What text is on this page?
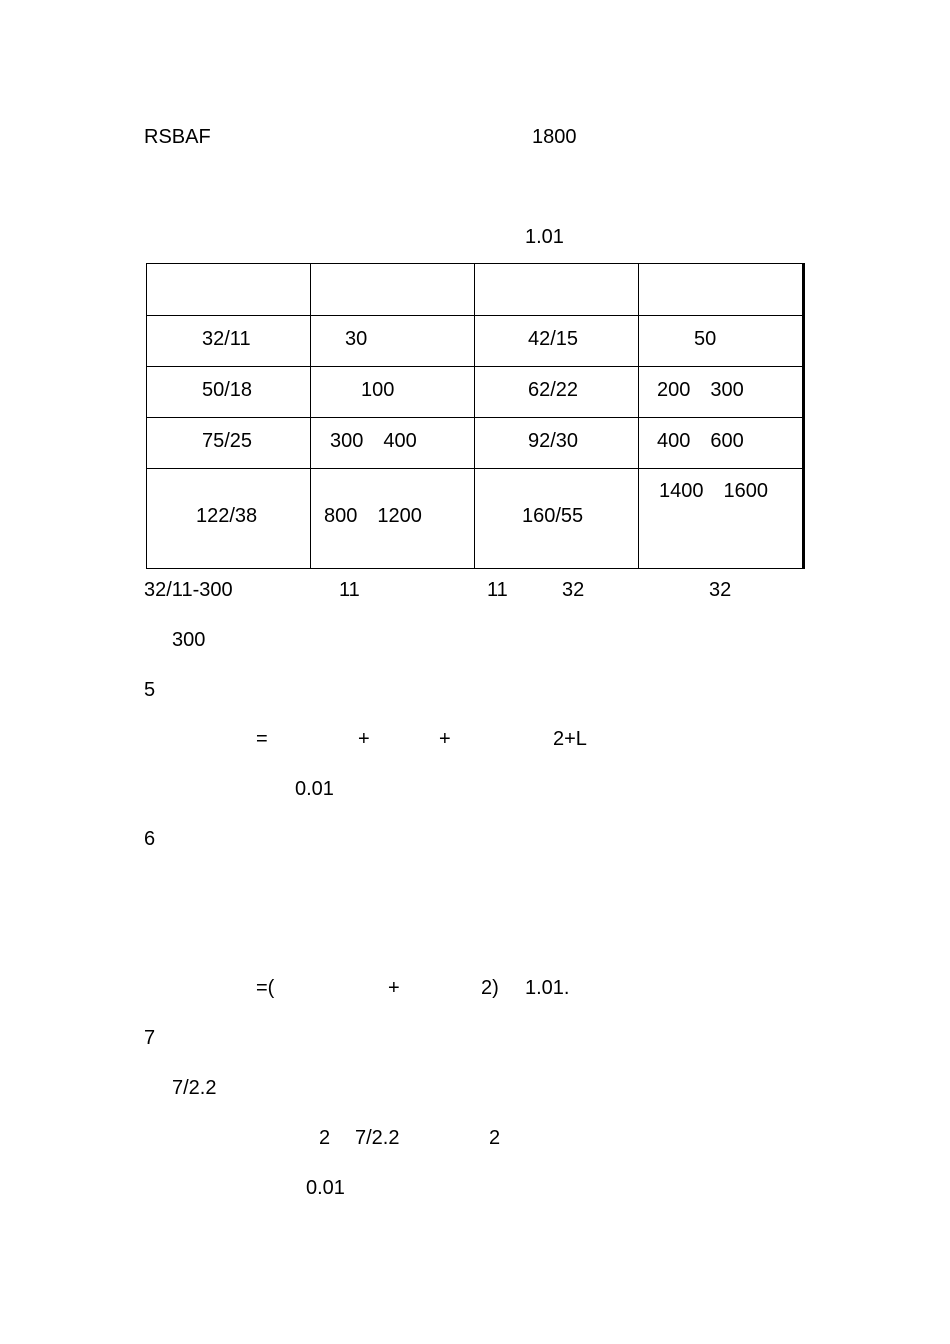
RSBAF	1800
1.01

32/11	30	42/15	50

50/18	100	62/22	200　300

75/25	300　400	92/30	400　600

122/38	800　1200	160/55	1400　1600
32/11-300	11	11	32	32
300
5
=	+	+	2+L
0.01
6
=(	+	2) 1.01.
7
7/2.2
2 7/2.2	2
0.01
